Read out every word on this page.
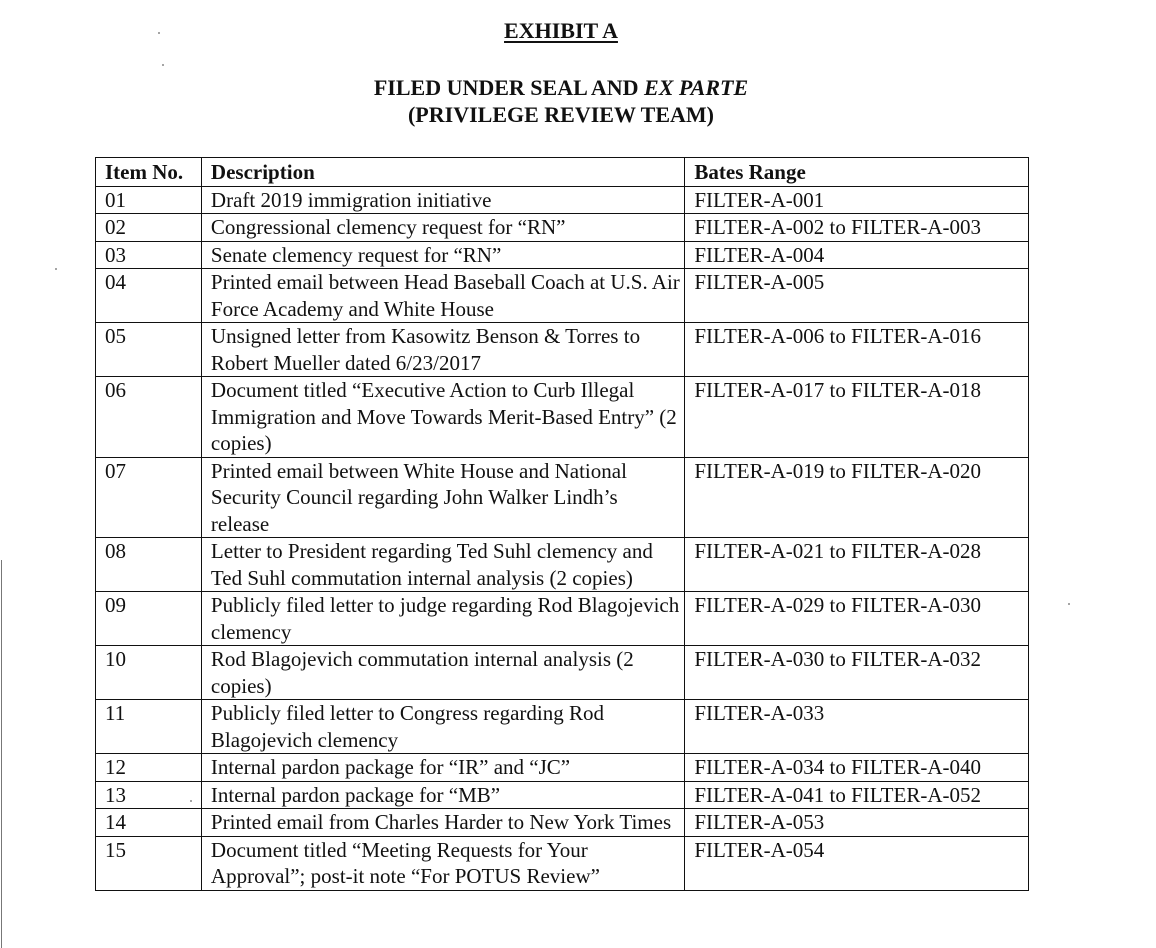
EXHIBIT A
FILED UNDER SEAL AND EX PARTE
(PRIVILEGE REVIEW TEAM)
Item No.	Description	Bates Range
01	Draft 2019 immigration initiative	FILTER-A-001
02	Congressional clemency request for “RN”	FILTER-A-002 to FILTER-A-003
03	Senate clemency request for “RN”	FILTER-A-004
04	Printed email between Head Baseball Coach at U.S. Air Force Academy and White House	FILTER-A-005
05	Unsigned letter from Kasowitz Benson & Torres to Robert Mueller dated 6/23/2017	FILTER-A-006 to FILTER-A-016
06	Document titled “Executive Action to Curb Illegal Immigration and Move Towards Merit-Based Entry” (2 copies)	FILTER-A-017 to FILTER-A-018
07	Printed email between White House and National Security Council regarding John Walker Lindh’s release	FILTER-A-019 to FILTER-A-020
08	Letter to President regarding Ted Suhl clemency and Ted Suhl commutation internal analysis (2 copies)	FILTER-A-021 to FILTER-A-028
09	Publicly filed letter to judge regarding Rod Blagojevich clemency	FILTER-A-029 to FILTER-A-030
10	Rod Blagojevich commutation internal analysis (2 copies)	FILTER-A-030 to FILTER-A-032
11	Publicly filed letter to Congress regarding Rod Blagojevich clemency	FILTER-A-033
12	Internal pardon package for “IR” and “JC”	FILTER-A-034 to FILTER-A-040
13	Internal pardon package for “MB”	FILTER-A-041 to FILTER-A-052
14	Printed email from Charles Harder to New York Times	FILTER-A-053
15	Document titled “Meeting Requests for Your Approval”; post-it note “For POTUS Review”	FILTER-A-054
